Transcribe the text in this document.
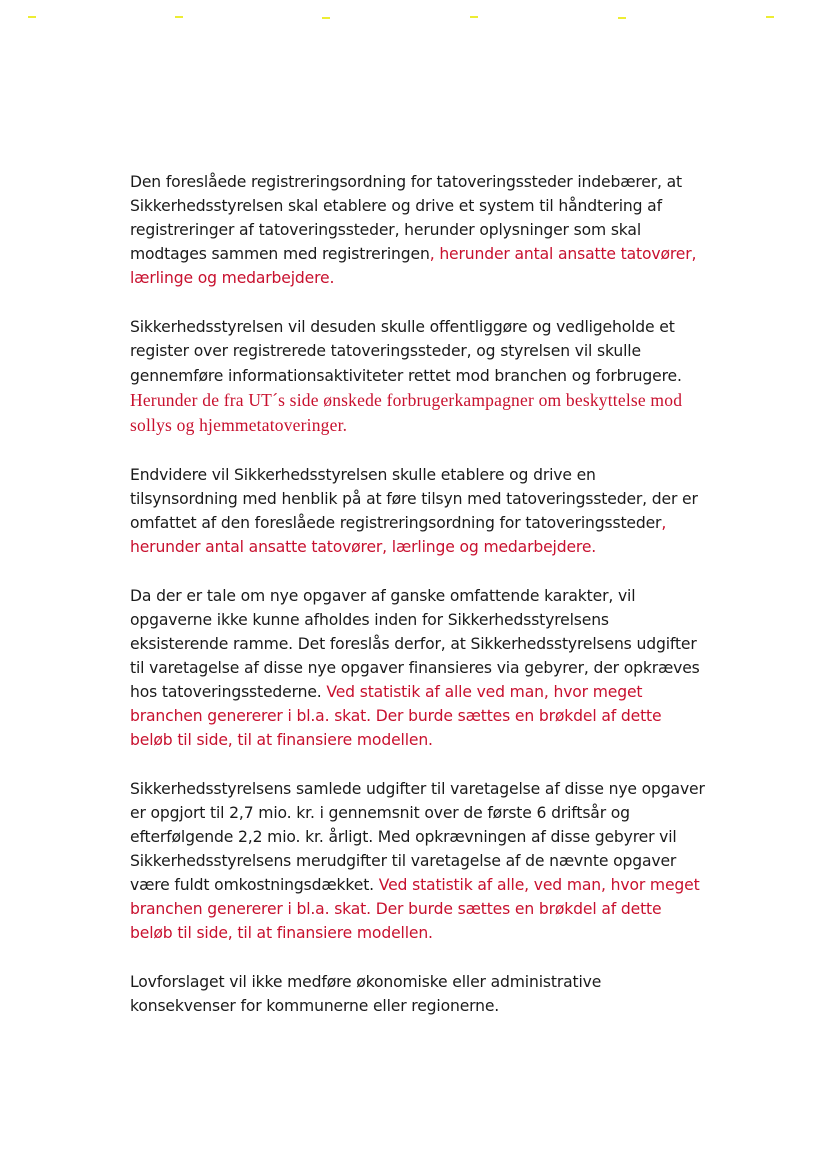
Den foreslåede registreringsordning for tatoveringssteder indebærer, at Sikkerhedsstyrelsen skal etablere og drive et system til håndtering af registreringer af tatoveringssteder, herunder oplysninger som skal modtages sammen med registreringen, herunder antal ansatte tatovører, lærlinge og medarbejdere.

Sikkerhedsstyrelsen vil desuden skulle offentliggøre og vedligeholde et register over registrerede tatoveringssteder, og styrelsen vil skulle gennemføre informationsaktiviteter rettet mod branchen og forbrugere. Herunder de fra UT´s side ønskede forbrugerkampagner om beskyttelse mod sollys og hjemmetatoveringer.

Endvidere vil Sikkerhedsstyrelsen skulle etablere og drive en tilsynsordning med henblik på at føre tilsyn med tatoveringssteder, der er omfattet af den foreslåede registreringsordning for tatoveringssteder, herunder antal ansatte tatovører, lærlinge og medarbejdere.

Da der er tale om nye opgaver af ganske omfattende karakter, vil opgaverne ikke kunne afholdes inden for Sikkerhedsstyrelsens eksisterende ramme. Det foreslås derfor, at Sikkerhedsstyrelsens udgifter til varetagelse af disse nye opgaver finansieres via gebyrer, der opkræves hos tatoveringsstederne. Ved statistik af alle ved man, hvor meget branchen genererer i bl.a. skat. Der burde sættes en brøkdel af dette beløb til side, til at finansiere modellen.

Sikkerhedsstyrelsens samlede udgifter til varetagelse af disse nye opgaver er opgjort til 2,7 mio. kr. i gennemsnit over de første 6 driftsår og efterfølgende 2,2 mio. kr. årligt. Med opkrævningen af disse gebyrer vil Sikkerhedsstyrelsens merudgifter til varetagelse af de nævnte opgaver være fuldt omkostningsdækket. Ved statistik af alle, ved man, hvor meget branchen genererer i bl.a. skat. Der burde sættes en brøkdel af dette beløb til side, til at finansiere modellen.

Lovforslaget vil ikke medføre økonomiske eller administrative konsekvenser for kommunerne eller regionerne.
